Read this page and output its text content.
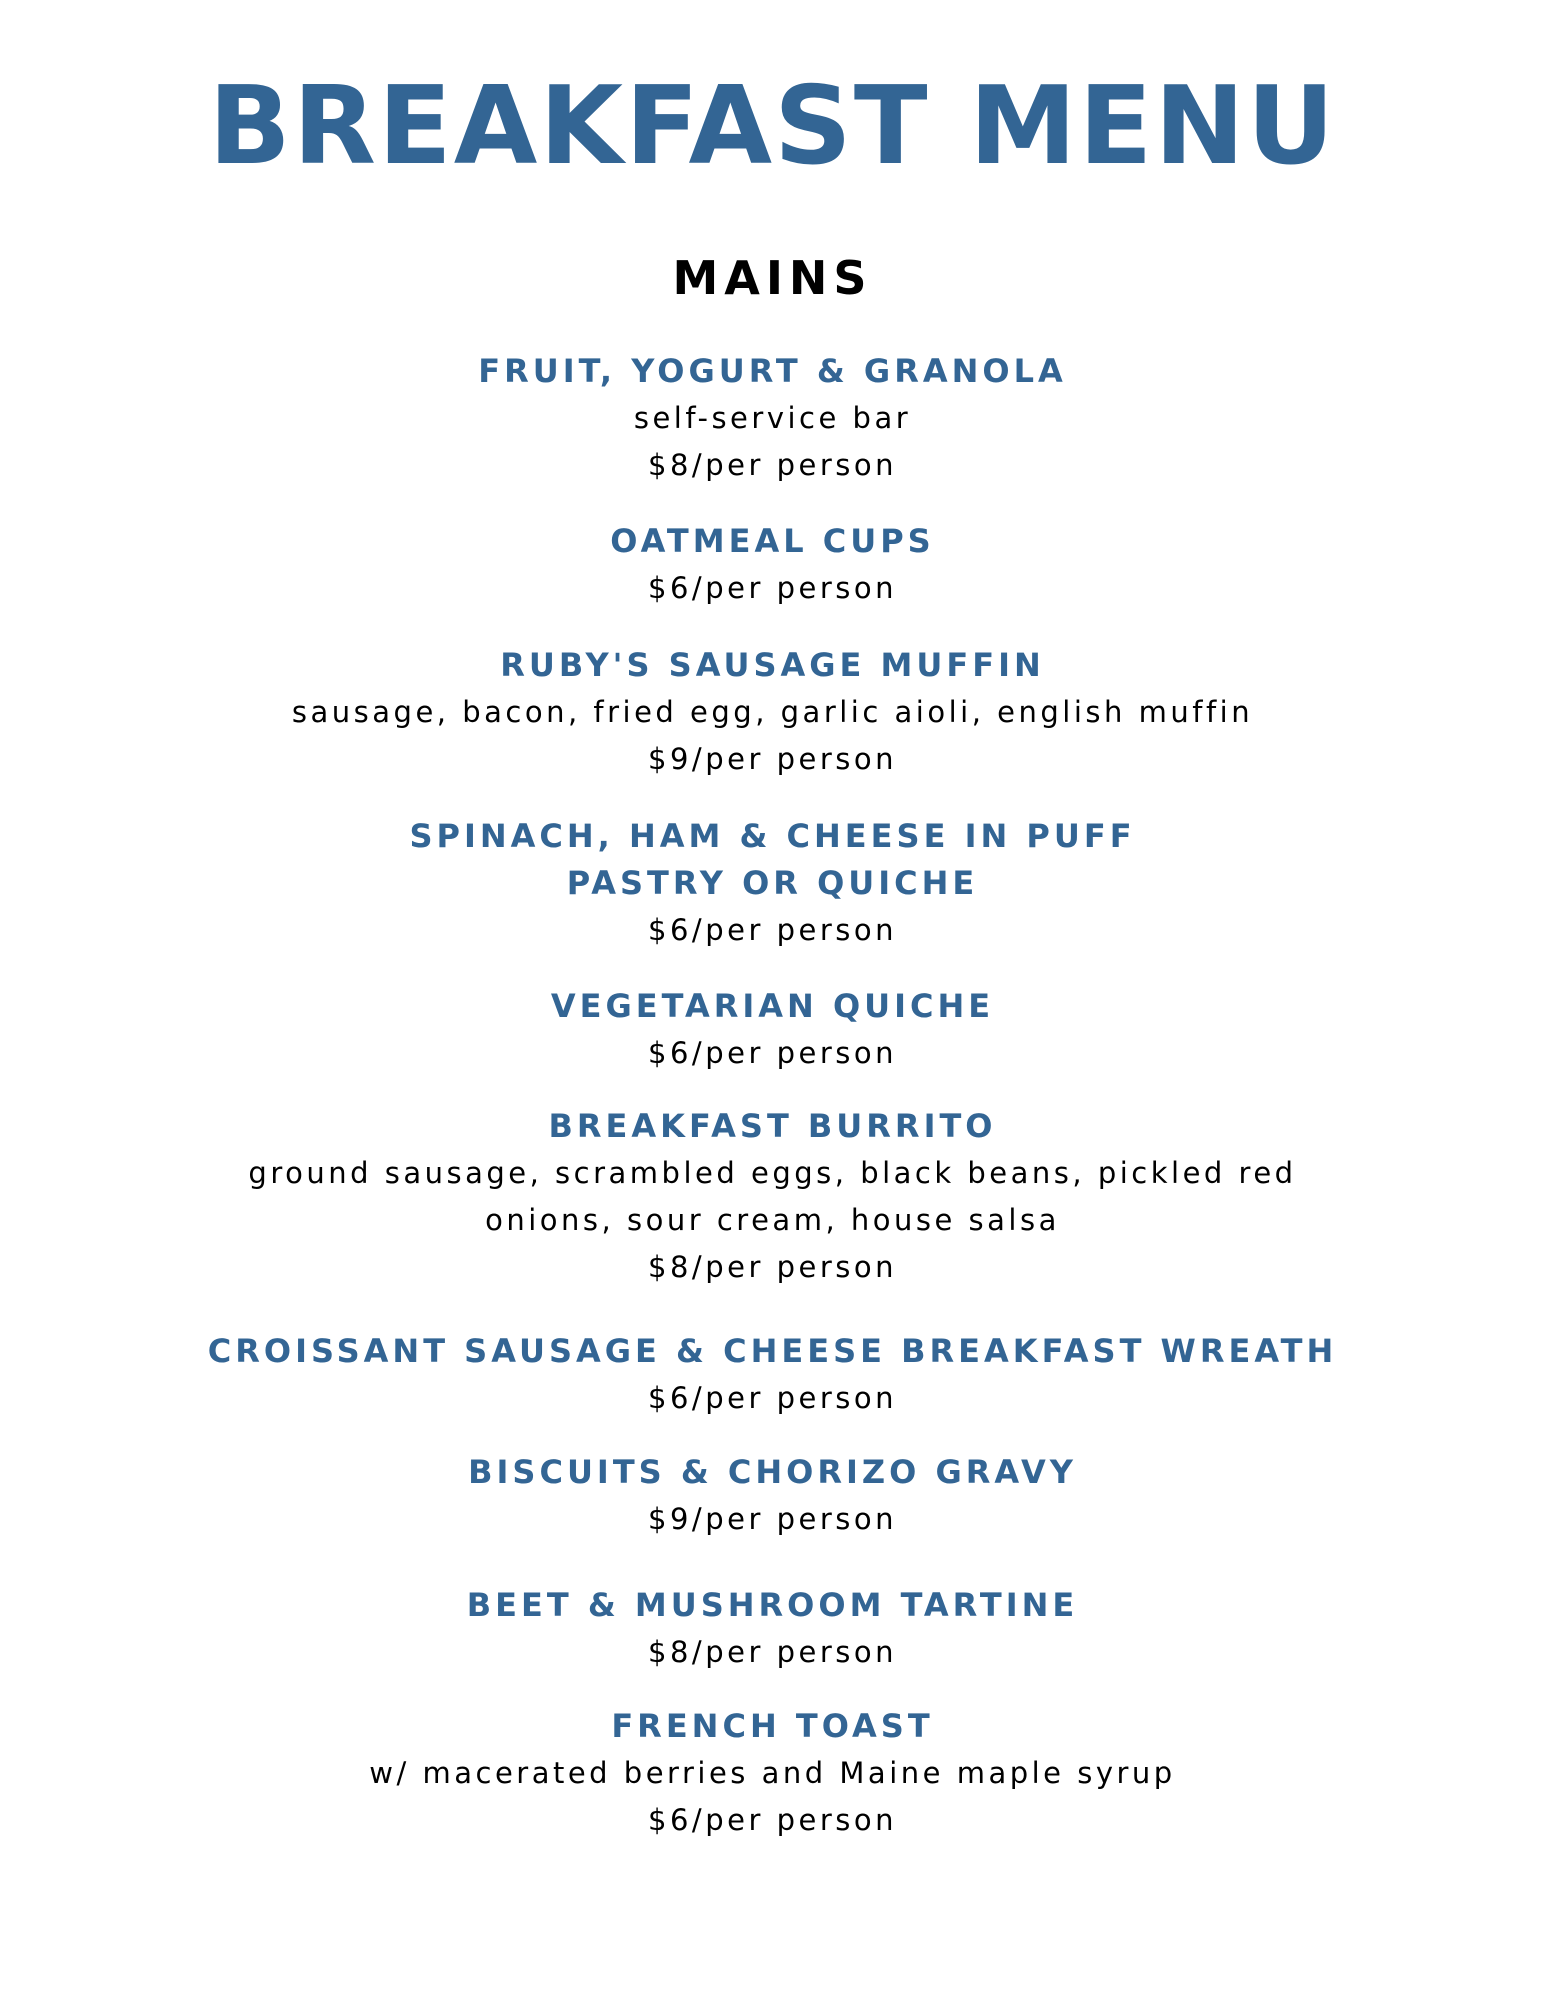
BREAKFAST MENU
MAINS
FRUIT, YOGURT & GRANOLA
self-service bar
$8/per person
OATMEAL CUPS
$6/per person
RUBY'S SAUSAGE MUFFIN
sausage, bacon, fried egg, garlic aioli, english muffin
$9/per person
SPINACH, HAM & CHEESE IN PUFF PASTRY OR QUICHE
$6/per person
VEGETARIAN QUICHE
$6/per person
BREAKFAST BURRITO
ground sausage, scrambled eggs, black beans, pickled red onions, sour cream, house salsa
$8/per person
CROISSANT SAUSAGE & CHEESE BREAKFAST WREATH
$6/per person
BISCUITS & CHORIZO GRAVY
$9/per person
BEET & MUSHROOM TARTINE
$8/per person
FRENCH TOAST
w/ macerated berries and Maine maple syrup
$6/per person
